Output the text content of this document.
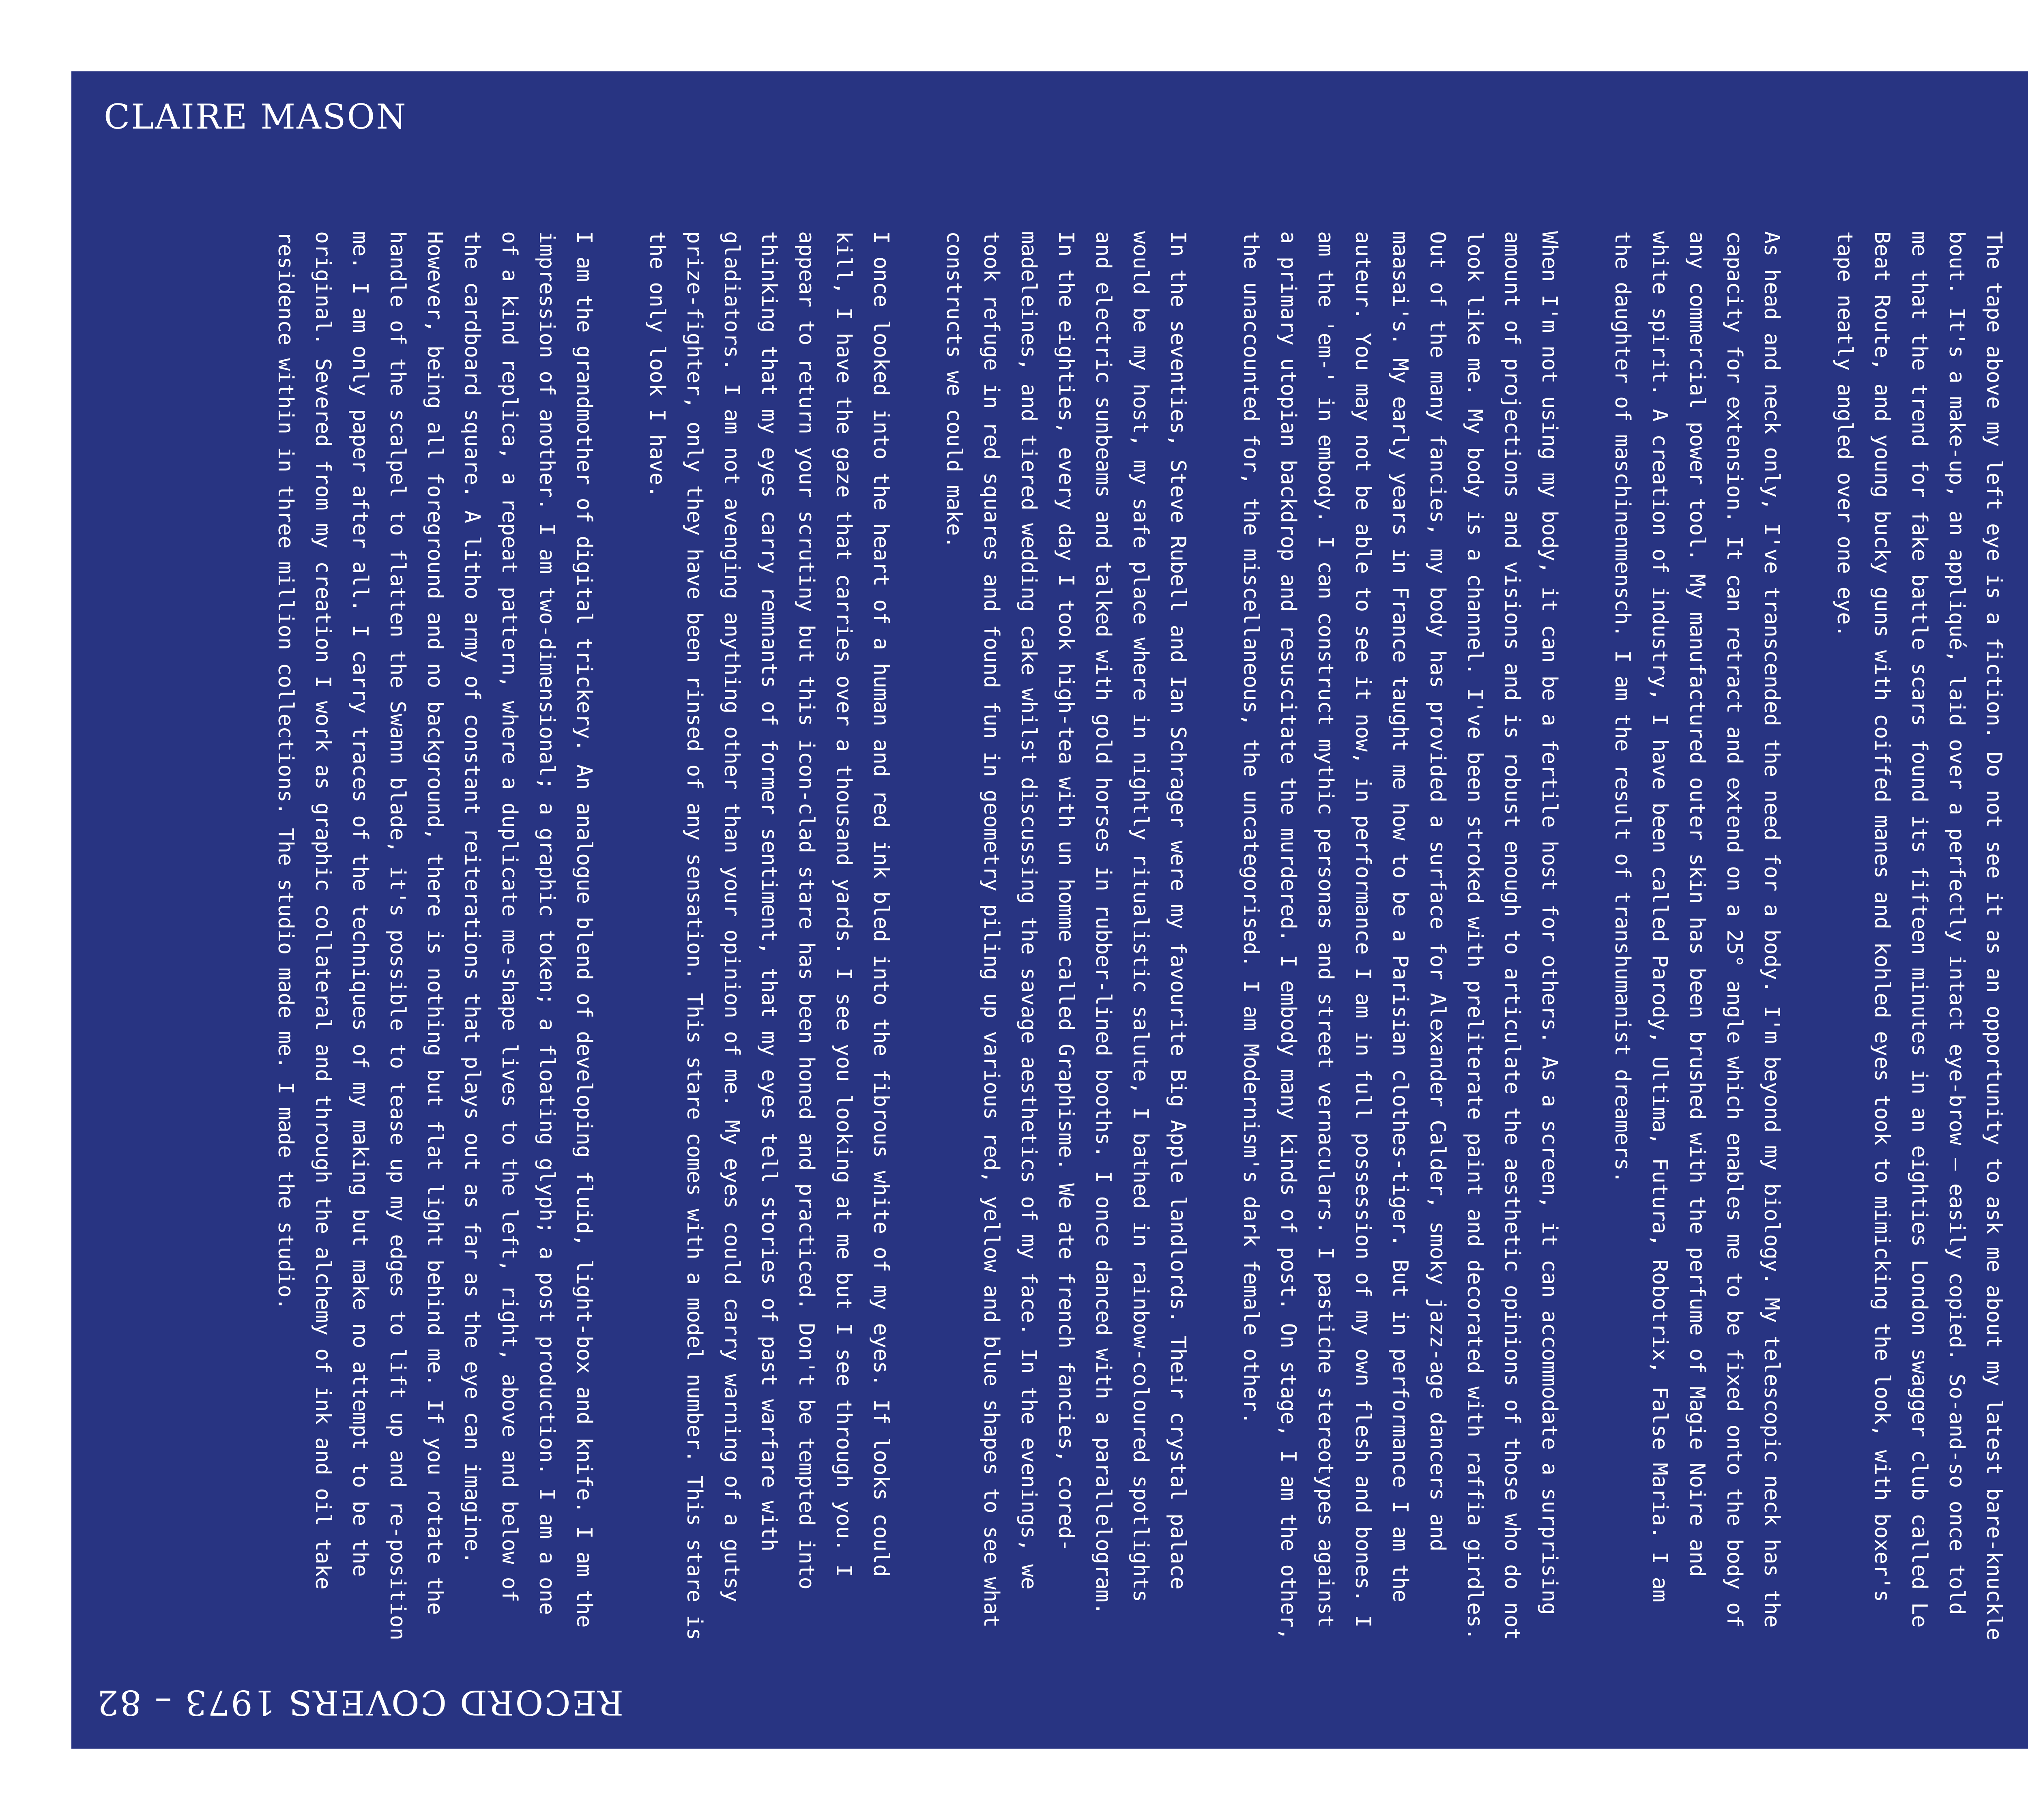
CLAIRE MASON
RECORD COVERS 1973 – 82

The tape above my left eye is a fiction. Do not see it as an opportunity to ask me about my latest bare-knuckle bout. It's a make-up, an appliqué, laid over a perfectly intact eye-brow — easily copied. So-and-so once told me that the trend for fake battle scars found its fifteen minutes in an eighties London swagger club called Le Beat Route, and young bucky guns with coiffed manes and kohled eyes took to mimicking the look, with boxer's tape neatly angled over one eye.

As head and neck only, I've transcended the need for a body. I'm beyond my biology. My telescopic neck has the capacity for extension. It can retract and extend on a 25° angle which enables me to be fixed onto the body of any commercial power tool. My manufactured outer skin has been brushed with the perfume of Magie Noire and white spirit. A creation of industry, I have been called Parody, Ultima, Futura, Robotrix, False Maria. I am the daughter of maschinenmensch. I am the result of transhumanist dreamers.

When I'm not using my body, it can be a fertile host for others. As a screen, it can accommodate a surprising amount of projections and visions and is robust enough to articulate the aesthetic opinions of those who do not look like me. My body is a channel. I've been stroked with preliterate paint and decorated with raffia girdles. Out of the many fancies, my body has provided a surface for Alexander Calder, smoky jazz-age dancers and maasai's. My early years in France taught me how to be a Parisian clothes-tiger. But in performance I am the auteur. You may not be able to see it now, in performance I am in full possession of my own flesh and bones. I am the 'em-' in embody. I can construct mythic personas and street vernaculars. I pastiche stereotypes against a primary utopian backdrop and resuscitate the murdered. I embody many kinds of post. On stage, I am the other, the unaccounted for, the miscellaneous, the uncategorised. I am Modernism's dark female other.

In the seventies, Steve Rubell and Ian Schrager were my favourite Big Apple landlords. Their crystal palace would be my host, my safe place where in nightly ritualistic salute, I bathed in rainbow-coloured spotlights and electric sunbeams and talked with gold horses in rubber-lined booths. I once danced with a parallelogram. In the eighties, every day I took high-tea with un homme called Graphisme. We ate french fancies, cored-madeleines, and tiered wedding cake whilst discussing the savage aesthetics of my face. In the evenings, we took refuge in red squares and found fun in geometry piling up various red, yellow and blue shapes to see what constructs we could make.

I once looked into the heart of a human and red ink bled into the fibrous white of my eyes. If looks could kill, I have the gaze that carries over a thousand yards. I see you looking at me but I see through you. I appear to return your scrutiny but this icon-clad stare has been honed and practiced. Don't be tempted into thinking that my eyes carry remnants of former sentiment, that my eyes tell stories of past warfare with gladiators. I am not avenging anything other than your opinion of me. My eyes could carry warning of a gutsy prize-fighter, only they have been rinsed of any sensation. This stare comes with a model number. This stare is the only look I have.

I am the grandmother of digital trickery. An analogue blend of developing fluid, light-box and knife. I am the impression of another. I am two-dimensional; a graphic token; a floating glyph; a post production. I am a one of a kind replica, a repeat pattern, where a duplicate me-shape lives to the left, right, above and below of the cardboard square. A litho army of constant reiterations that plays out as far as the eye can imagine. However, being all foreground and no background, there is nothing but flat light behind me. If you rotate the handle of the scalpel to flatten the Swann blade, it's possible to tease up my edges to lift up and re-position me. I am only paper after all. I carry traces of the techniques of my making but make no attempt to be the original. Severed from my creation I work as graphic collateral and through the alchemy of ink and oil take residence within in three million collections. The studio made me. I made the studio.
